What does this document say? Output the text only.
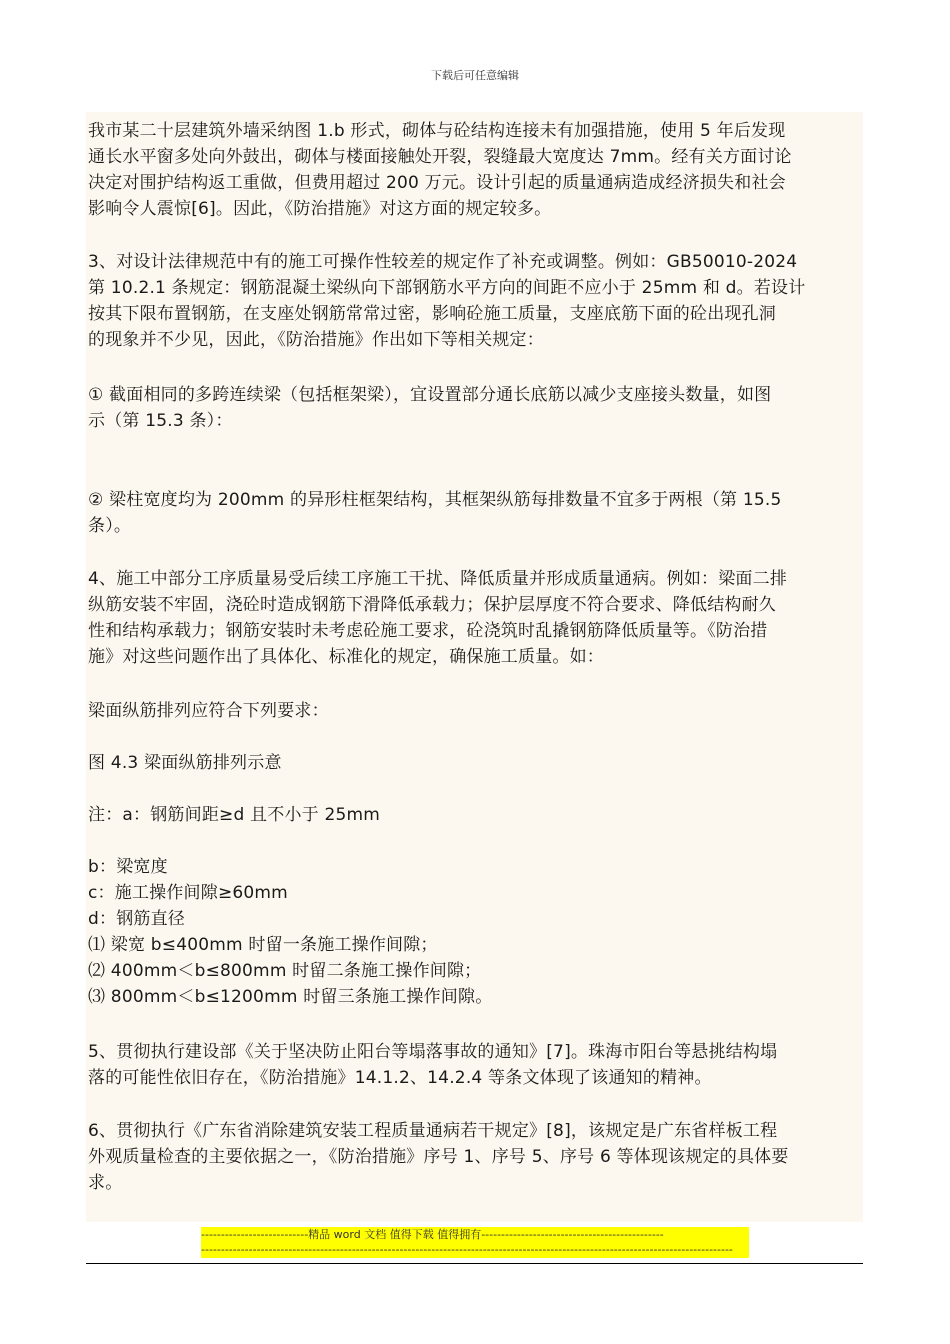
下载后可任意编辑

我市某二十层建筑外墙采纳图 1.b 形式，砌体与砼结构连接未有加强措施，使用 5 年后发现
通长水平窗多处向外鼓出，砌体与楼面接触处开裂，裂缝最大宽度达 7mm。经有关方面讨论
决定对围护结构返工重做，但费用超过 200 万元。设计引起的质量通病造成经济损失和社会
影响令人震惊[6]。因此，《防治措施》对这方面的规定较多。

3、对设计法律规范中有的施工可操作性较差的规定作了补充或调整。例如：GB50010-2024
第 10.2.1 条规定：钢筋混凝土梁纵向下部钢筋水平方向的间距不应小于 25mm 和 d。若设计
按其下限布置钢筋，在支座处钢筋常常过密，影响砼施工质量，支座底筋下面的砼出现孔洞
的现象并不少见，因此，《防治措施》作出如下等相关规定：

① 截面相同的多跨连续梁（包括框架梁），宜设置部分通长底筋以减少支座接头数量，如图
示（第 15.3 条）：

② 梁柱宽度均为 200mm 的异形柱框架结构，其框架纵筋每排数量不宜多于两根（第 15.5
条）。

4、施工中部分工序质量易受后续工序施工干扰、降低质量并形成质量通病。例如：梁面二排
纵筋安装不牢固，浇砼时造成钢筋下滑降低承载力；保护层厚度不符合要求、降低结构耐久
性和结构承载力；钢筋安装时未考虑砼施工要求，砼浇筑时乱撬钢筋降低质量等。《防治措
施》对这些问题作出了具体化、标准化的规定，确保施工质量。如：

梁面纵筋排列应符合下列要求：

图 4.3 梁面纵筋排列示意

注：a：钢筋间距≥d 且不小于 25mm

b：梁宽度
c：施工操作间隙≥60mm
d：钢筋直径
⑴ 梁宽 b≤400mm 时留一条施工操作间隙；
⑵ 400mm＜b≤800mm 时留二条施工操作间隙；
⑶ 800mm＜b≤1200mm 时留三条施工操作间隙。

5、贯彻执行建设部《关于坚决防止阳台等塌落事故的通知》[7]。珠海市阳台等悬挑结构塌
落的可能性依旧存在，《防治措施》14.1.2、14.2.4 等条文体现了该通知的精神。

6、贯彻执行《广东省消除建筑安装工程质量通病若干规定》[8]，该规定是广东省样板工程
外观质量检查的主要依据之一，《防治措施》序号 1、序号 5、序号 6 等体现该规定的具体要
求。

---------------------------精品 word 文档 值得下载 值得拥有----------------------------------------------
--------------------------------------------------------------------------------------------------------------------------------------
